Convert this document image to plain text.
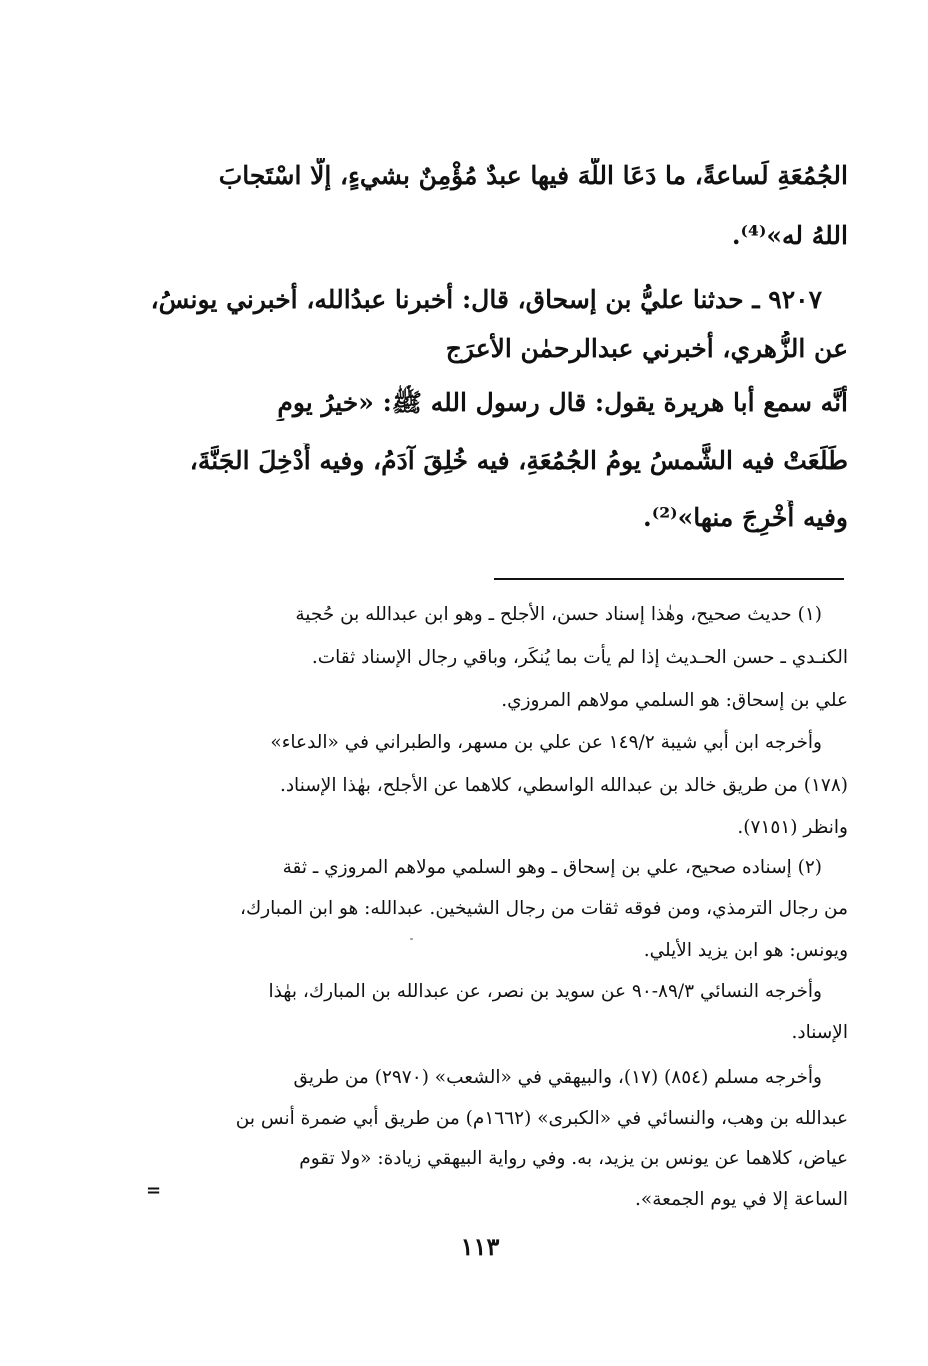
الجُمُعَةِ لَساعةً، ما دَعَا اللَّهَ فيها عبدٌ مُؤْمِنٌ بشيءٍ، إلَّا اسْتَجابَ
اللهُ له»⁽⁴⁾.
٩٢٠٧ ـ حدثنا عليُّ بن إسحاق، قال: أخبرنا عبدُالله، أخبرني يونسُ،
عن الزُّهري، أخبرني عبدالرحمٰن الأعرَج
أنَّه سمع أبا هريرة يقول: قال رسول الله ﷺ: «خيرُ يومٍ
طَلَعَتْ فيه الشَّمسُ يومُ الجُمُعَةِ، فيه خُلِقَ آدَمُ، وفيه أُدْخِلَ الجَنَّةَ،
وفيه أُخْرِجَ منها»⁽²⁾.
(١) حديث صحيح، وهٰذا إسناد حسن، الأجلح ـ وهو ابن عبدالله بن حُجية
الكنـدي ـ حسن الحـديث إذا لم يأت بما يُنكَر، وباقي رجال الإسناد ثقات.
علي بن إسحاق: هو السلمي مولاهم المروزي.
وأخرجه ابن أبي شيبة ١٤٩/٢ عن علي بن مسهر، والطبراني في «الدعاء»
(١٧٨) من طريق خالد بن عبدالله الواسطي، كلاهما عن الأجلح، بهٰذا الإسناد.
وانظر (٧١٥١).
(٢) إسناده صحيح، علي بن إسحاق ـ وهو السلمي مولاهم المروزي ـ ثقة
من رجال الترمذي، ومن فوقه ثقات من رجال الشيخين. عبدالله: هو ابن المبارك،
ويونس: هو ابن يزيد الأيلي.
وأخرجه النسائي ٨٩/٣-٩٠ عن سويد بن نصر، عن عبدالله بن المبارك، بهٰذا
الإسناد.
وأخرجه مسلم (٨٥٤) (١٧)، والبيهقي في «الشعب» (٢٩٧٠) من طريق
عبدالله بن وهب، والنسائي في «الكبرى» (١٦٦٢م) من طريق أبي ضمرة أنس بن
عياض، كلاهما عن يونس بن يزيد، به. وفي رواية البيهقي زيادة: «ولا تقوم
الساعة إلا في يوم الجمعة».
=
١١٣
